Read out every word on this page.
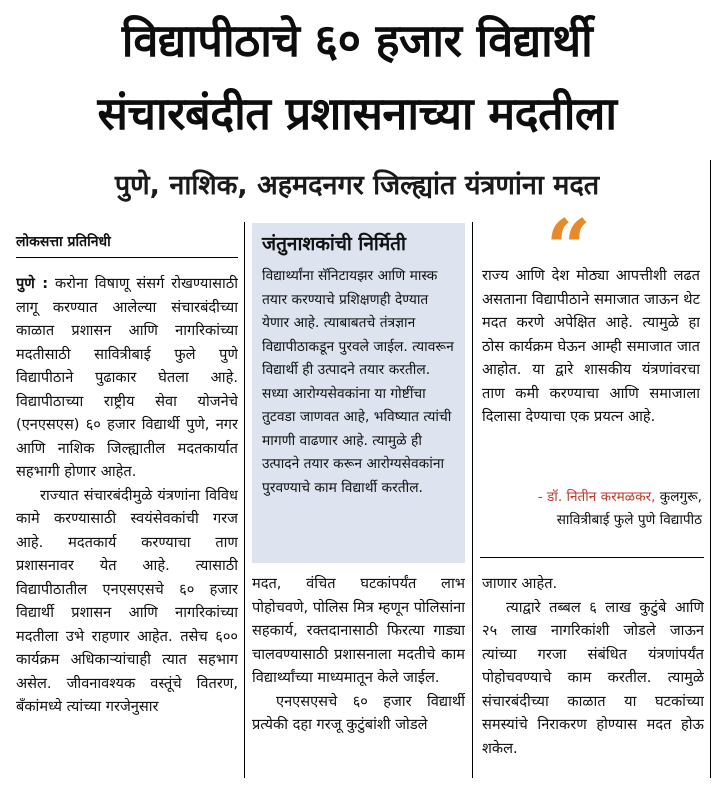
विद्यापीठाचे ६० हजार विद्यार्थी
संचारबंदीत प्रशासनाच्या मदतीला
पुणे, नाशिक, अहमदनगर जिल्ह्यांत यंत्रणांना मदत
लोकसत्ता प्रतिनिधी

पुणे : करोना विषाणू संसर्ग रोखण्यासाठी लागू करण्यात आलेल्या संचारबंदीच्या काळात प्रशासन आणि नागरिकांच्या मदतीसाठी सावित्रीबाई फुले पुणे विद्यापीठाने पुढाकार घेतला आहे. विद्यापीठाच्या राष्ट्रीय सेवा योजनेचे (एनएसएस) ६० हजार विद्यार्थी पुणे, नगर आणि नाशिक जिल्ह्यातील मदतकार्यात सहभागी होणार आहेत.

राज्यात संचारबंदीमुळे यंत्रणांना विविध कामे करण्यासाठी स्वयंसेवकांची गरज आहे. मदतकार्य करण्याचा ताण प्रशासनावर येत आहे. त्यासाठी विद्यापीठातील एनएसएसचे ६० हजार विद्यार्थी प्रशासन आणि नागरिकांच्या मदतीला उभे राहणार आहेत. तसेच ६०० कार्यक्रम अधिकाऱ्यांचाही त्यात सहभाग असेल. जीवनावश्यक वस्तूंचे वितरण, बँकांमध्ये त्यांच्या गरजेनुसार

जंतुनाशकांची निर्मिती
विद्यार्थ्यांना सॅनिटायझर आणि मास्क तयार करण्याचे प्रशिक्षणही देण्यात येणार आहे. त्याबाबतचे तंत्रज्ञान विद्यापीठाकडून पुरवले जाईल. त्यावरून विद्यार्थी ही उत्पादने तयार करतील. सध्या आरोग्यसेवकांना या गोष्टींचा तुटवडा जाणवत आहे, भविष्यात त्यांची मागणी वाढणार आहे. त्यामुळे ही उत्पादने तयार करून आरोग्यसेवकांना पुरवण्याचे काम विद्यार्थी करतील.

मदत, वंचित घटकांपर्यंत लाभ पोहोचवणे, पोलिस मित्र म्हणून पोलिसांना सहकार्य, रक्तदानासाठी फिरत्या गाड्या चालवण्यासाठी प्रशासनाला मदतीचे काम विद्यार्थ्यांच्या माध्यमातून केले जाईल.

एनएसएसचे ६० हजार विद्यार्थी प्रत्येकी दहा गरजू कुटुंबांशी जोडले

“
राज्य आणि देश मोठ्या आपत्तीशी लढत असताना विद्यापीठाने समाजात जाऊन थेट मदत करणे अपेक्षित आहे. त्यामुळे हा ठोस कार्यक्रम घेऊन आम्ही समाजात जात आहोत. या द्वारे शासकीय यंत्रणांवरचा ताण कमी करण्याचा आणि समाजाला दिलासा देण्याचा एक प्रयत्न आहे.
- डॉ. नितीन करमळकर, कुलगुरू,
सावित्रीबाई फुले पुणे विद्यापीठ

जाणार आहेत.

त्याद्वारे तब्बल ६ लाख कुटुंबे आणि २५ लाख नागरिकांशी जोडले जाऊन त्यांच्या गरजा संबंधित यंत्रणांपर्यंत पोहोचवण्याचे काम करतील. त्यामुळे संचारबंदीच्या काळात या घटकांच्या समस्यांचे निराकरण होण्यास मदत होऊ शकेल.
